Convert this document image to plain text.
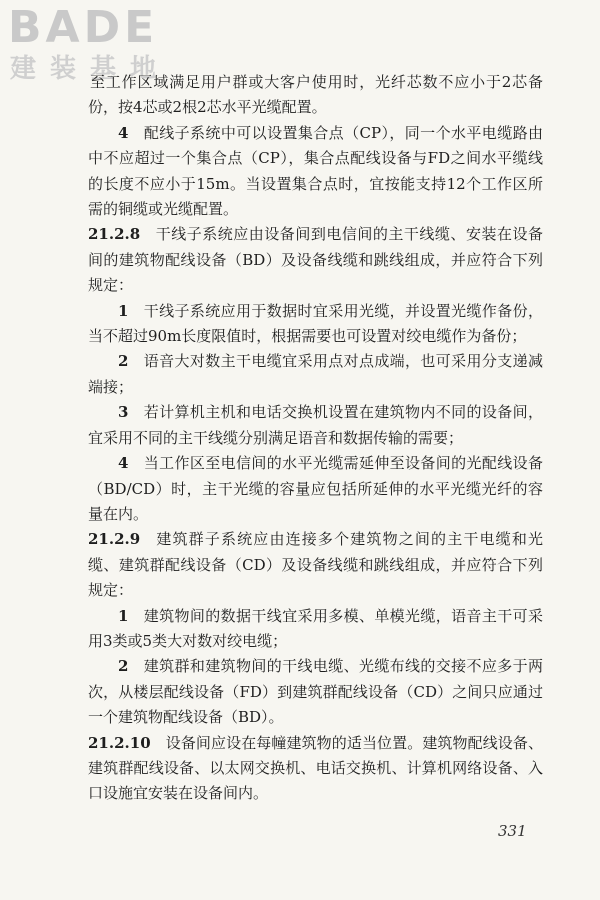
BADE
建装基地

至工作区域满足用户群或大客户使用时，光纤芯数不应小于2芯备份，按4芯或2根2芯水平光缆配置。

4  配线子系统中可以设置集合点（CP），同一个水平电缆路由中不应超过一个集合点（CP），集合点配线设备与FD之间水平缆线的长度不应小于15m。当设置集合点时，宜按能支持12个工作区所需的铜缆或光缆配置。

21.2.8  干线子系统应由设备间到电信间的主干线缆、安装在设备间的建筑物配线设备（BD）及设备线缆和跳线组成，并应符合下列规定：

1  干线子系统应用于数据时宜采用光缆，并设置光缆作备份，当不超过90m长度限值时，根据需要也可设置对绞电缆作为备份；

2  语音大对数主干电缆宜采用点对点成端，也可采用分支递减端接；

3  若计算机主机和电话交换机设置在建筑物内不同的设备间，宜采用不同的主干线缆分别满足语音和数据传输的需要；

4  当工作区至电信间的水平光缆需延伸至设备间的光配线设备（BD/CD）时，主干光缆的容量应包括所延伸的水平光缆光纤的容量在内。

21.2.9  建筑群子系统应由连接多个建筑物之间的主干电缆和光缆、建筑群配线设备（CD）及设备线缆和跳线组成，并应符合下列规定：

1  建筑物间的数据干线宜采用多模、单模光缆，语音主干可采用3类或5类大对数对绞电缆；

2  建筑群和建筑物间的干线电缆、光缆布线的交接不应多于两次，从楼层配线设备（FD）到建筑群配线设备（CD）之间只应通过一个建筑物配线设备（BD）。

21.2.10  设备间应设在每幢建筑物的适当位置。建筑物配线设备、建筑群配线设备、以太网交换机、电话交换机、计算机网络设备、入口设施宜安装在设备间内。

331
